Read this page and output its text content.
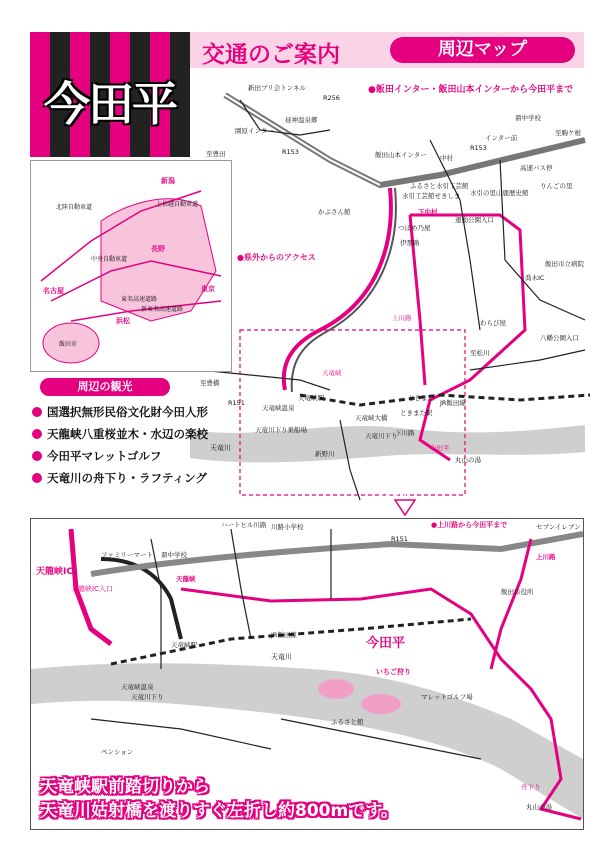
今田平
交通のご案内	周辺マップ
●飯田インター・飯田山本インターから今田平まで
新田ブリ会トンネル
R256
昼神温泉郷
園原インター
R153
至豊田	飯田山本インター
インター前
鼎中学校
中村
R153
至駒ケ根
ふるさと水引工芸館
高速バス停
水引工芸館せきしま 水引の里山鹿歴史館
りんごの里
かぶさん館	下中村
運動公園入口
飯田市立病院
伊那路
つばめ乃屋
上川路
わらび屋
至松川
八幡公園入口
喬木IC
R151
至豊橋
天竜峡
天竜峡駅
JR飯田線
天竜峡温泉
ときまた
天竜峡大橋
ときまた駅
下川路
天竜川下り乗船場
天竜川下り
天竜川	今田平
丸山の湯
新野川
●県外からのアクセス
今田平
新潟
北陸自動車道	上信越自動車道
長野
中央自動車道
名古屋
浜松
東京
飯田市
東名高速道路
新東名高速道路
周辺の観光
国選択無形民俗文化財今田人形
天龍峡八重桜並木・水辺の楽校
今田平マレットゴルフ
天竜川の舟下り・ラフティング
天龍峡IC
天龍峡IC入口
ファミリーマート 鼎中学校
川路小学校
ハートヒル川路
R151
セブンイレブン
上川路
飯田市役所
天龍峡
天竜峡駅
JR飯田線
天竜川
いちご狩り
舟下り
マレットゴルフ場
ペンション
丸山の湯
ふるさと館
天竜峡温泉
天竜川下り
●上川路から今田平まで
今田平
天竜峡駅前踏切りから
天竜川姑射橋を渡りすぐ左折し約800mです。
